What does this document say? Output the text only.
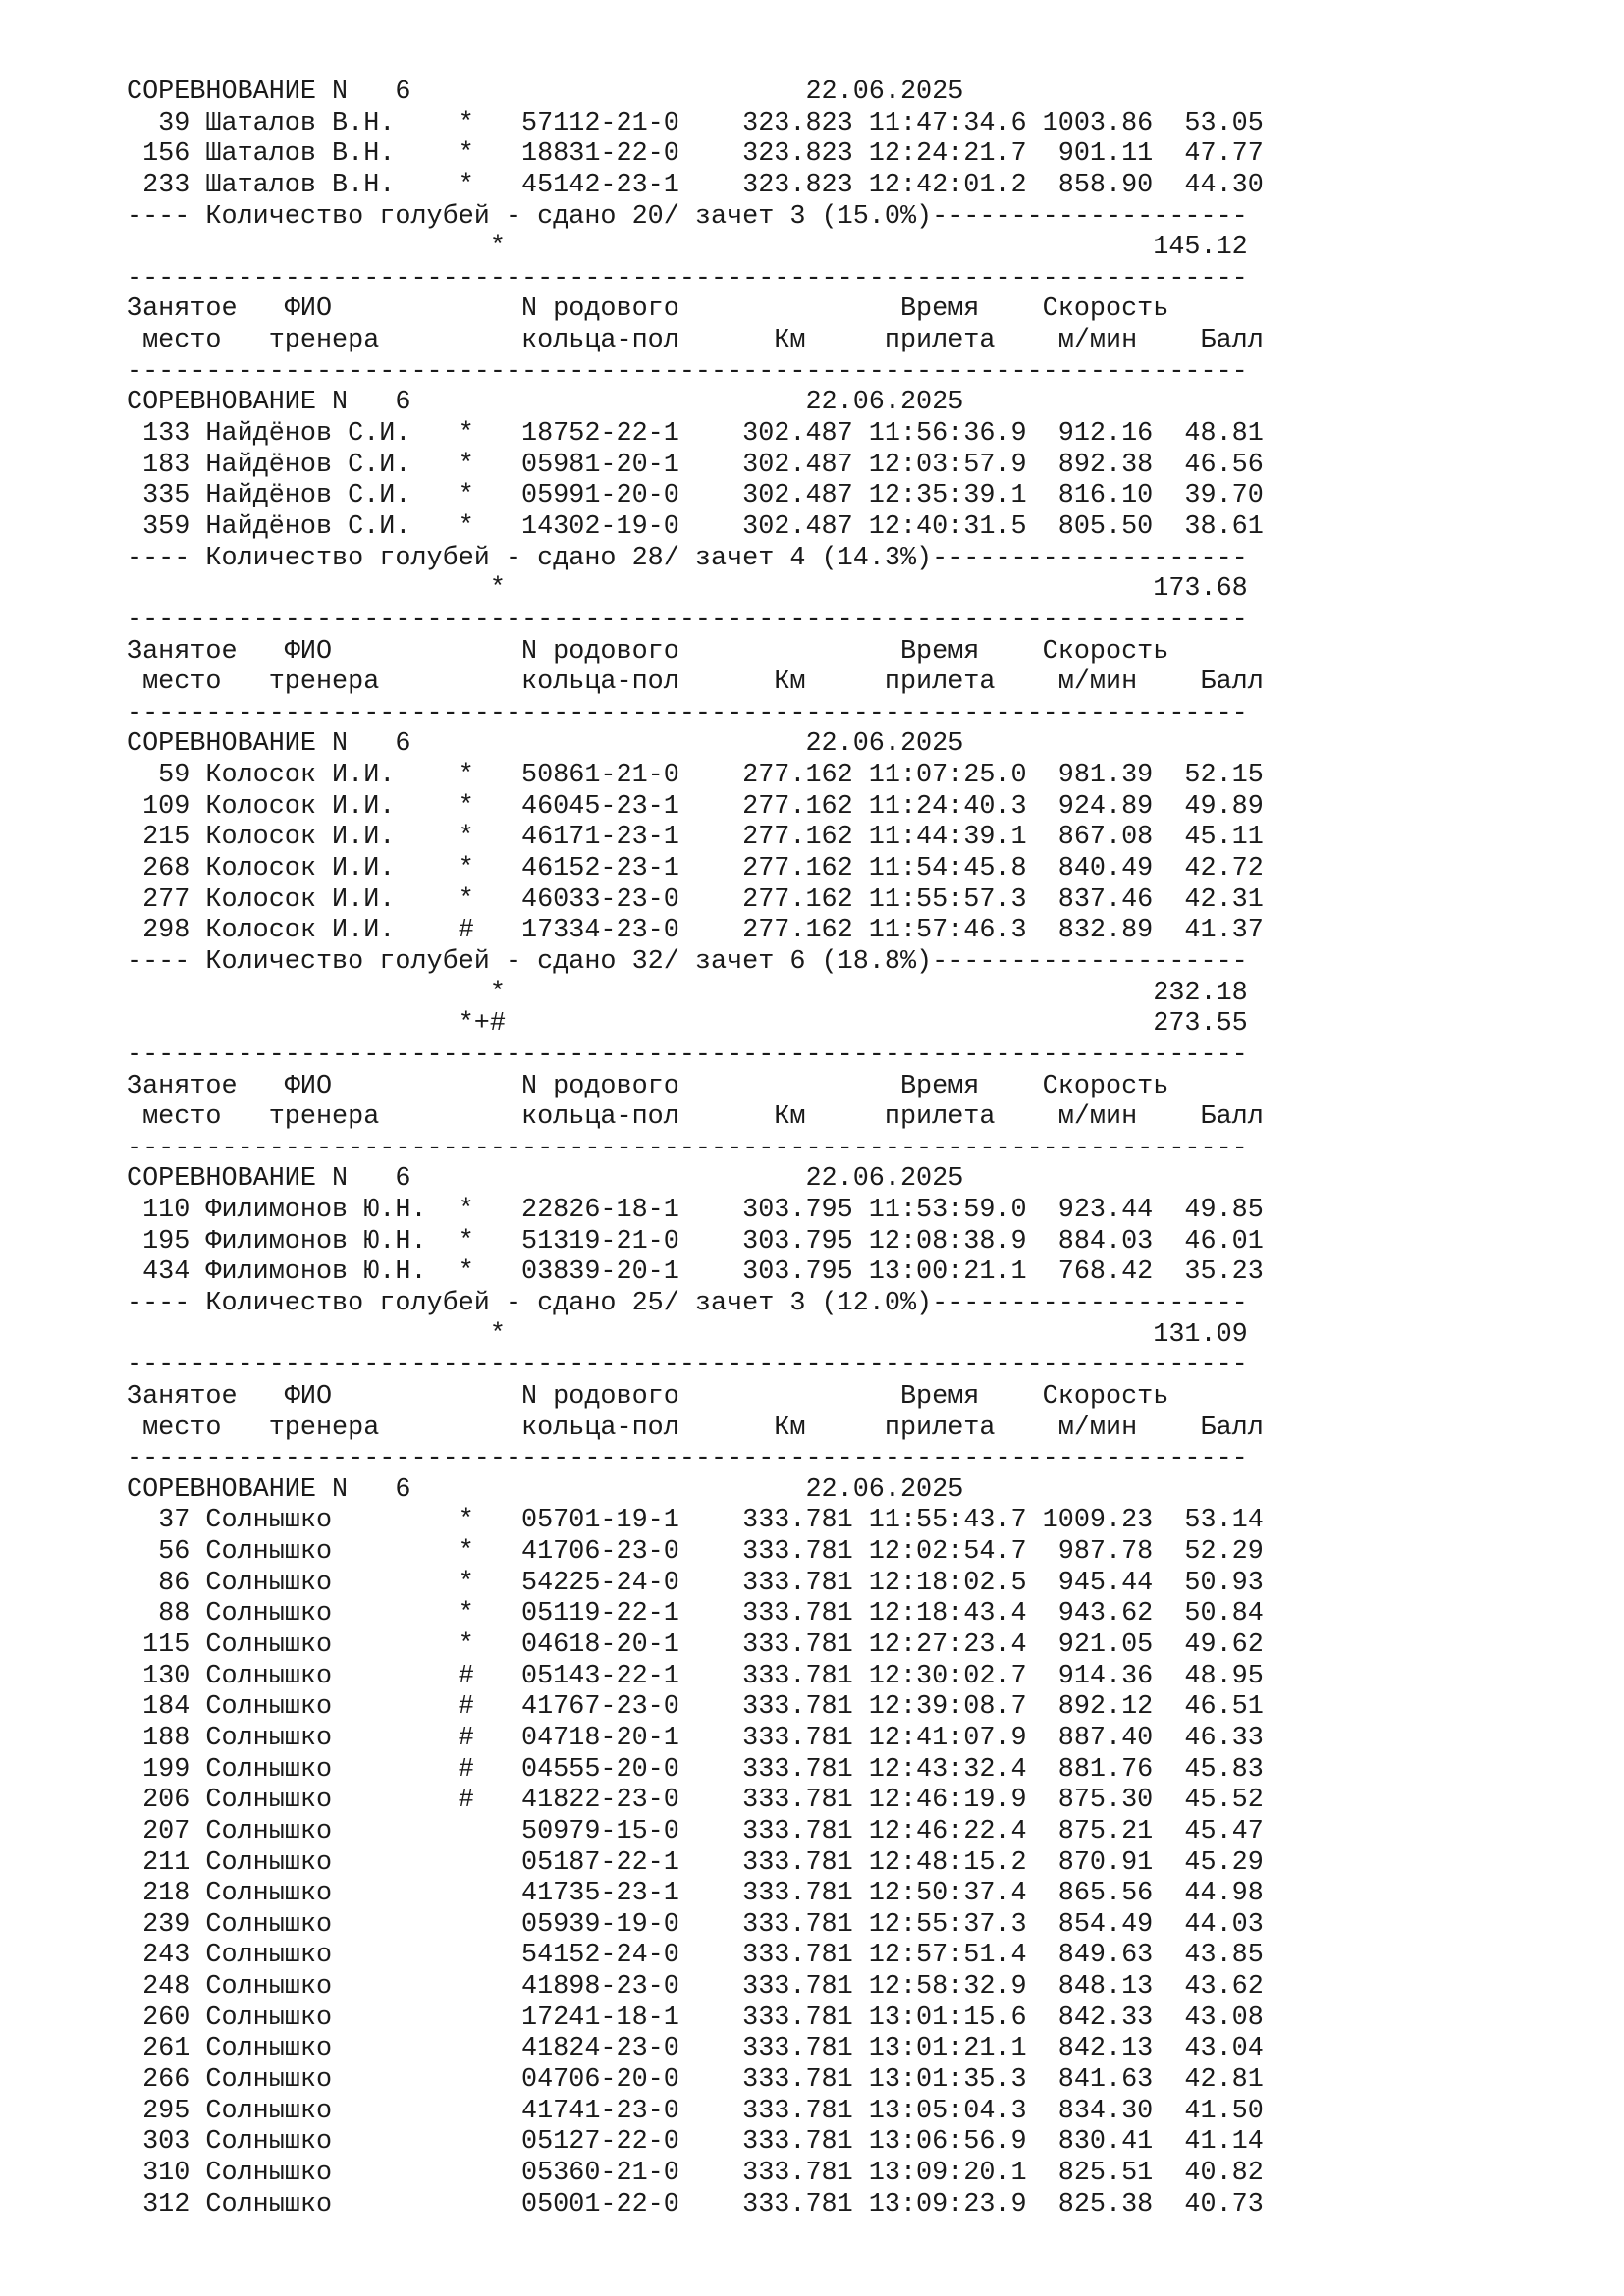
СОРЕВНОВАНИЕ N   6                         22.06.2025
39 Шаталов В.Н.    *   57112-21-0    323.823 11:47:34.6 1003.86  53.05
156 Шаталов В.Н.    *   18831-22-0    323.823 12:24:21.7  901.11  47.77
233 Шаталов В.Н.    *   45142-23-1    323.823 12:42:01.2  858.90  44.30
---- Количество голубей - сдано 20/ зачет 3 (15.0%)--------------------
*                                         145.12
-----------------------------------------------------------------------
Занятое   ФИО            N родового              Время    Скорость
место   тренера         кольца-пол      Км     прилета    м/мин    Балл
-----------------------------------------------------------------------
СОРЕВНОВАНИЕ N   6                         22.06.2025
133 Найдёнов С.И.   *   18752-22-1    302.487 11:56:36.9  912.16  48.81
183 Найдёнов С.И.   *   05981-20-1    302.487 12:03:57.9  892.38  46.56
335 Найдёнов С.И.   *   05991-20-0    302.487 12:35:39.1  816.10  39.70
359 Найдёнов С.И.   *   14302-19-0    302.487 12:40:31.5  805.50  38.61
---- Количество голубей - сдано 28/ зачет 4 (14.3%)--------------------
*                                         173.68
-----------------------------------------------------------------------
Занятое   ФИО            N родового              Время    Скорость
место   тренера         кольца-пол      Км     прилета    м/мин    Балл
-----------------------------------------------------------------------
СОРЕВНОВАНИЕ N   6                         22.06.2025
59 Колосок И.И.    *   50861-21-0    277.162 11:07:25.0  981.39  52.15
109 Колосок И.И.    *   46045-23-1    277.162 11:24:40.3  924.89  49.89
215 Колосок И.И.    *   46171-23-1    277.162 11:44:39.1  867.08  45.11
268 Колосок И.И.    *   46152-23-1    277.162 11:54:45.8  840.49  42.72
277 Колосок И.И.    *   46033-23-0    277.162 11:55:57.3  837.46  42.31
298 Колосок И.И.    #   17334-23-0    277.162 11:57:46.3  832.89  41.37
---- Количество голубей - сдано 32/ зачет 6 (18.8%)--------------------
*                                         232.18
*+#                                         273.55
-----------------------------------------------------------------------
Занятое   ФИО            N родового              Время    Скорость
место   тренера         кольца-пол      Км     прилета    м/мин    Балл
-----------------------------------------------------------------------
СОРЕВНОВАНИЕ N   6                         22.06.2025
110 Филимонов Ю.Н.  *   22826-18-1    303.795 11:53:59.0  923.44  49.85
195 Филимонов Ю.Н.  *   51319-21-0    303.795 12:08:38.9  884.03  46.01
434 Филимонов Ю.Н.  *   03839-20-1    303.795 13:00:21.1  768.42  35.23
---- Количество голубей - сдано 25/ зачет 3 (12.0%)--------------------
*                                         131.09
-----------------------------------------------------------------------
Занятое   ФИО            N родового              Время    Скорость
место   тренера         кольца-пол      Км     прилета    м/мин    Балл
-----------------------------------------------------------------------
СОРЕВНОВАНИЕ N   6                         22.06.2025
37 Солнышко        *   05701-19-1    333.781 11:55:43.7 1009.23  53.14
56 Солнышко        *   41706-23-0    333.781 12:02:54.7  987.78  52.29
86 Солнышко        *   54225-24-0    333.781 12:18:02.5  945.44  50.93
88 Солнышко        *   05119-22-1    333.781 12:18:43.4  943.62  50.84
115 Солнышко        *   04618-20-1    333.781 12:27:23.4  921.05  49.62
130 Солнышко        #   05143-22-1    333.781 12:30:02.7  914.36  48.95
184 Солнышко        #   41767-23-0    333.781 12:39:08.7  892.12  46.51
188 Солнышко        #   04718-20-1    333.781 12:41:07.9  887.40  46.33
199 Солнышко        #   04555-20-0    333.781 12:43:32.4  881.76  45.83
206 Солнышко        #   41822-23-0    333.781 12:46:19.9  875.30  45.52
207 Солнышко            50979-15-0    333.781 12:46:22.4  875.21  45.47
211 Солнышко            05187-22-1    333.781 12:48:15.2  870.91  45.29
218 Солнышко            41735-23-1    333.781 12:50:37.4  865.56  44.98
239 Солнышко            05939-19-0    333.781 12:55:37.3  854.49  44.03
243 Солнышко            54152-24-0    333.781 12:57:51.4  849.63  43.85
248 Солнышко            41898-23-0    333.781 12:58:32.9  848.13  43.62
260 Солнышко            17241-18-1    333.781 13:01:15.6  842.33  43.08
261 Солнышко            41824-23-0    333.781 13:01:21.1  842.13  43.04
266 Солнышко            04706-20-0    333.781 13:01:35.3  841.63  42.81
295 Солнышко            41741-23-0    333.781 13:05:04.3  834.30  41.50
303 Солнышко            05127-22-0    333.781 13:06:56.9  830.41  41.14
310 Солнышко            05360-21-0    333.781 13:09:20.1  825.51  40.82
312 Солнышко            05001-22-0    333.781 13:09:23.9  825.38  40.73
